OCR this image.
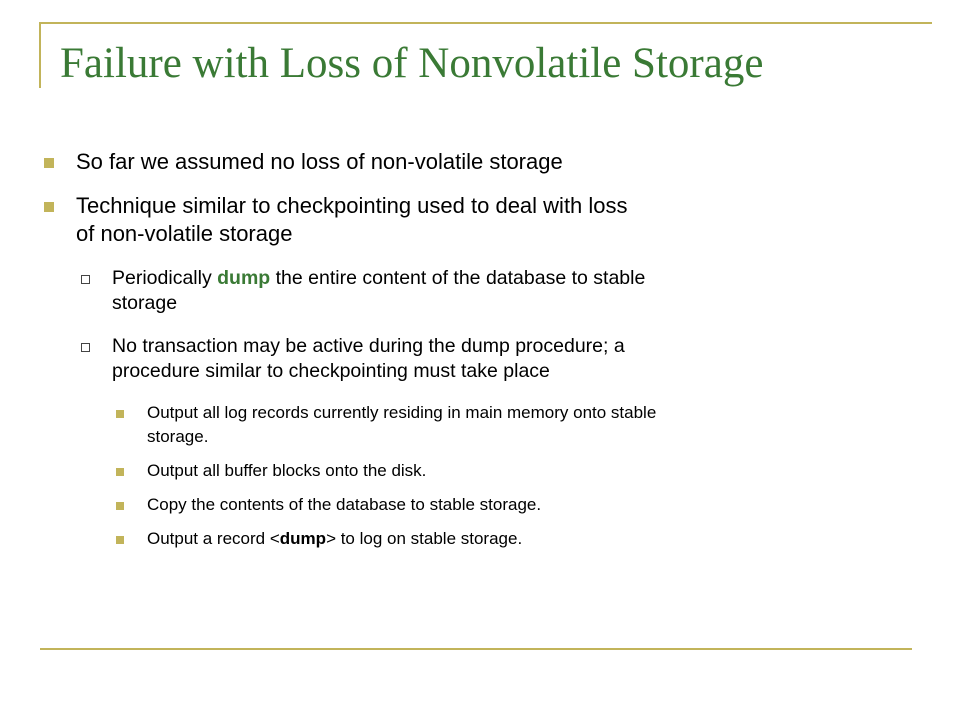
Failure with Loss of Nonvolatile Storage
So far we assumed no loss of non-volatile storage
Technique similar to checkpointing used to deal with loss
of non-volatile storage
Periodically dump the entire content of the database to stable
storage
No transaction may be active during the dump procedure; a
procedure similar to checkpointing must take place
Output all log records currently residing in main memory onto stable
storage.
Output all buffer blocks onto the disk.
Copy the contents of the database to stable storage.
Output a record <dump> to log on stable storage.
